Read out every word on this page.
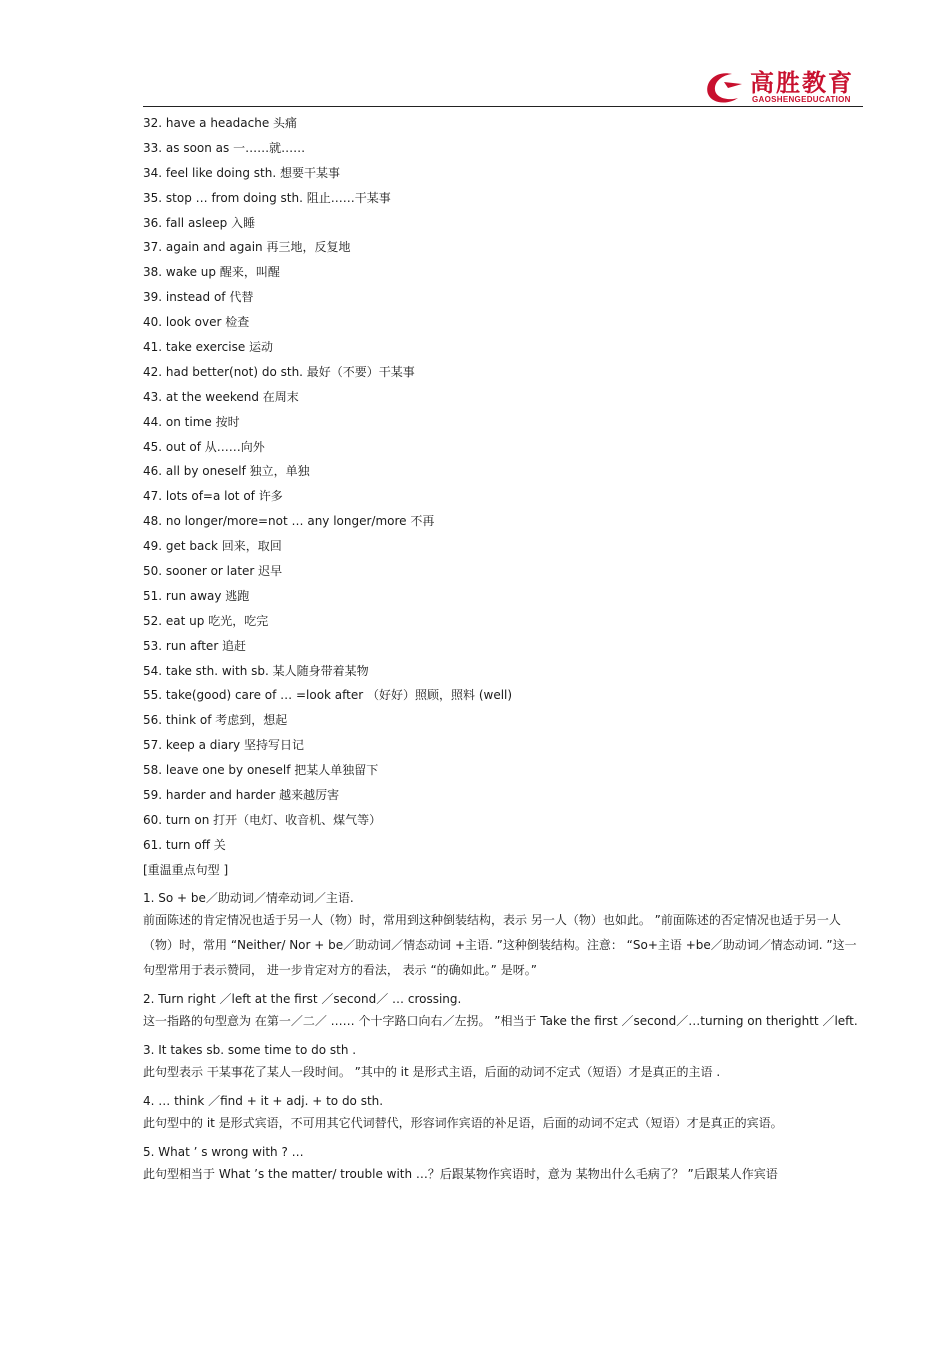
高胜教育
GAOSHENGEDUCATION
32. have a headache 头痛
33. as soon as 一……就……
34. feel like doing sth. 想要干某事
35. stop … from doing sth. 阻止……干某事
36. fall asleep 入睡
37. again and again 再三地，反复地
38. wake up 醒来，叫醒
39. instead of 代替
40. look over 检查
41. take exercise 运动
42. had better(not) do sth. 最好（不要）干某事
43. at the weekend 在周末
44. on time 按时
45. out of 从……向外
46. all by oneself 独立，单独
47. lots of=a lot of 许多
48. no longer/more=not … any longer/more 不再
49. get back 回来，取回
50. sooner or later 迟早
51. run away 逃跑
52. eat up 吃光，吃完
53. run after 追赶
54. take sth. with sb. 某人随身带着某物
55. take(good) care of … =look after （好好）照顾，照料 (well)
56. think of 考虑到，想起
57. keep a diary 坚持写日记
58. leave one by oneself 把某人单独留下
59. harder and harder 越来越厉害
60. turn on 打开（电灯、收音机、煤气等）
61. turn off 关
[重温重点句型 ]
1. So + be／助动词／情牵动词／主语.
前面陈述的肯定情况也适于另一人（物）时，常用到这种倒装结构，表示 另一人（物）也如此。 ”前面陈述的否定情况也适于另一人（物）时，常用 “Neither/ Nor + be／助动词／情态动词 +主语. ”这种倒装结构。注意： “So+主语 +be／助动词／情态动词. ”这一句型常用于表示赞同， 进一步肯定对方的看法， 表示 “的确如此。” 是呀。”
2. Turn right ／left at the first ／second／ … crossing.
这一指路的句型意为 在第一／二／ …… 个十字路口向右／左拐。 ”相当于 Take the first ／second／…turning on therightt ／left.
3. It takes sb. some time to do sth .
此句型表示 干某事花了某人一段时间。 ”其中的 it 是形式主语，后面的动词不定式（短语）才是真正的主语 .
4. … think ／find + it + adj. + to do sth.
此句型中的 it 是形式宾语，不可用其它代词替代，形容词作宾语的补足语，后面的动词不定式（短语）才是真正的宾语。
5. What ’ s wrong with ? …
此句型相当于 What ’s the matter/ trouble with …？后跟某物作宾语时，意为 某物出什么毛病了？ ”后跟某人作宾语
